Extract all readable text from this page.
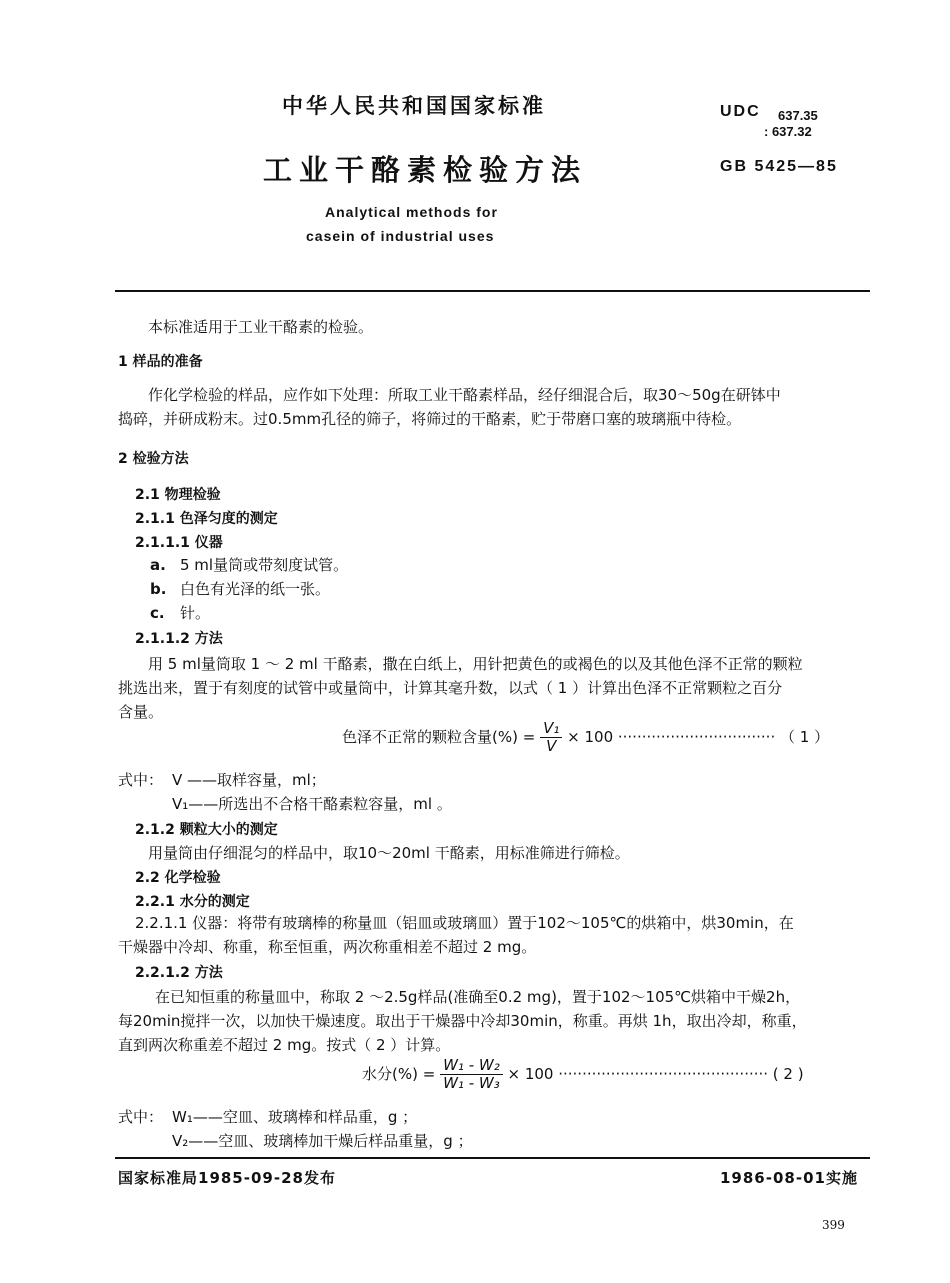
中华人民共和国国家标准	UDC 637.35
: 637.32
工业干酪素检验方法	GB 5425—85
Analytical methods for
casein of industrial uses
本标准适用于工业干酪素的检验。
1 样品的准备
作化学检验的样品，应作如下处理：所取工业干酪素样品，经仔细混合后，取30～50g在研钵中
捣碎，并研成粉末。过0.5mm孔径的筛子，将筛过的干酪素，贮于带磨口塞的玻璃瓶中待检。
2 检验方法
2.1 物理检验
2.1.1 色泽匀度的测定
2.1.1.1 仪器
a. 5 ml量筒或带刻度试管。
b. 白色有光泽的纸一张。
c. 针。
2.1.1.2 方法
用 5 ml量筒取 1 ～ 2 ml 干酪素，撒在白纸上，用针把黄色的或褐色的以及其他色泽不正常的颗粒
挑选出来，置于有刻度的试管中或量筒中，计算其毫升数，以式（ 1 ）计算出色泽不正常颗粒之百分
含量。
色泽不正常的颗粒含量(%) = $\frac{\text{V₁}}{V} \times 100$ ································· （ 1 ）
式中： V ——取样容量，ml；
V₁——所选出不合格干酪素粒容量，ml 。
2.1.2 颗粒大小的测定
用量筒由仔细混匀的样品中，取10～20ml 干酪素，用标准筛进行筛检。
2.2 化学检验
2.2.1 水分的测定
2.2.1.1 仪器：将带有玻璃棒的称量皿（铝皿或玻璃皿）置于102～105℃的烘箱中，烘30min，在
干燥器中冷却、称重，称至恒重，两次称重相差不超过 2 mg。
2.2.1.2 方法
在已知恒重的称量皿中，称取 2 ～2.5g样品(准确至0.2 mg)，置于102～105℃烘箱中干燥2h，
每20min搅拌一次，以加快干燥速度。取出于干燥器中冷却30min，称重。再烘 1h，取出冷却，称重，
直到两次称重差不超过 2 mg。按式（ 2 ）计算。
水分(%) = $\frac{\text{W₁ - W₂}}{\text{W₁ - W₃}} \times 100$ ············································ ( 2 )
式中： W₁——空皿、玻璃棒和样品重，g ；
V₂——空皿、玻璃棒加干燥后样品重量，g ；
国家标准局1985-09-28发布	1986-08-01实施
399
